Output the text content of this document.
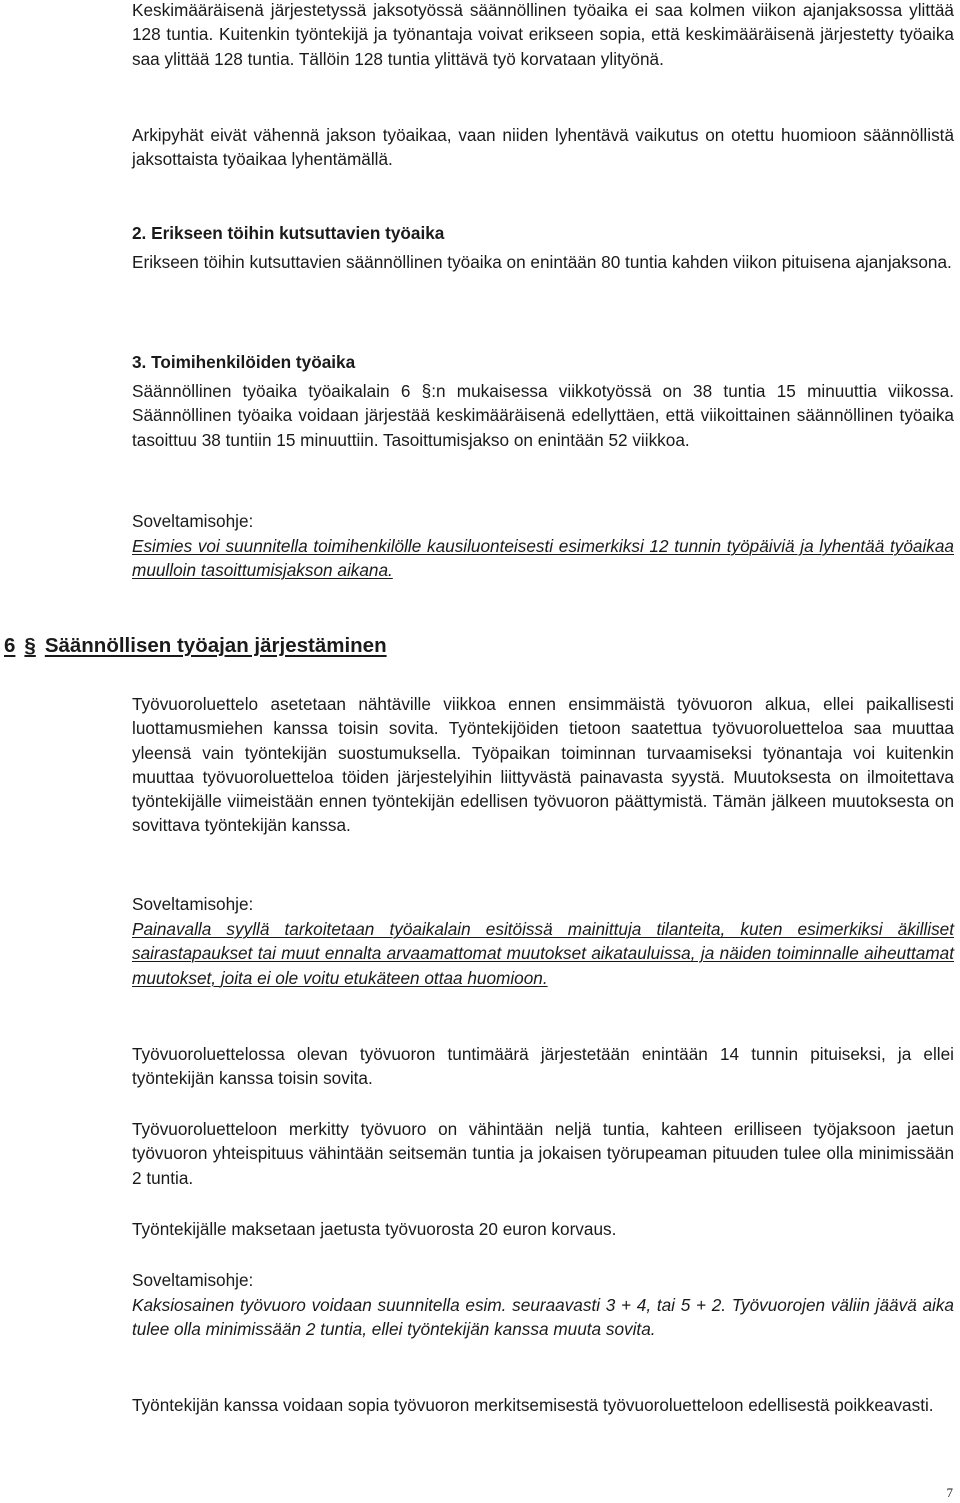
Keskimääräisenä järjestetyssä jaksotyössä säännöllinen työaika ei saa kolmen viikon ajanjaksossa ylittää 128 tuntia. Kuitenkin työntekijä ja työnantaja voivat erikseen sopia, että keskimääräisenä järjestetty työaika saa ylittää 128 tuntia. Tällöin 128 tuntia ylittävä työ korvataan ylityönä.

Arkipyhät eivät vähennä jakson työaikaa, vaan niiden lyhentävä vaikutus on otettu huomioon säännöllistä jaksottaista työaikaa lyhentämällä.

2. Erikseen töihin kutsuttavien työaika

Erikseen töihin kutsuttavien säännöllinen työaika on enintään 80 tuntia kahden viikon pituisena ajanjaksona.

3. Toimihenkilöiden työaika

Säännöllinen työaika työaikalain 6 §:n mukaisessa viikkotyössä on 38 tuntia 15 minuuttia viikossa. Säännöllinen työaika voidaan järjestää keskimääräisenä edellyttäen, että viikoittainen säännöllinen työaika tasoittuu 38 tuntiin 15 minuuttiin. Tasoittumisjakso on enintään 52 viikkoa.

Soveltamisohje:

Esimies voi suunnitella toimihenkilölle kausiluonteisesti esimerkiksi 12 tunnin työpäiviä ja lyhentää työaikaa muulloin tasoittumisjakson aikana.

6 § Säännöllisen työajan järjestäminen

Työvuoroluettelo asetetaan nähtäville viikkoa ennen ensimmäistä työvuoron alkua, ellei paikallisesti luottamusmiehen kanssa toisin sovita. Työntekijöiden tietoon saatettua työvuoroluetteloa saa muuttaa yleensä vain työntekijän suostumuksella. Työpaikan toiminnan turvaamiseksi työnantaja voi kuitenkin muuttaa työvuoroluetteloa töiden järjestelyihin liittyvästä painavasta syystä. Muutoksesta on ilmoitettava työntekijälle viimeistään ennen työntekijän edellisen työvuoron päättymistä. Tämän jälkeen muutoksesta on sovittava työntekijän kanssa.

Soveltamisohje:

Painavalla syyllä tarkoitetaan työaikalain esitöissä mainittuja tilanteita, kuten esimerkiksi äkilliset sairastapaukset tai muut ennalta arvaamattomat muutokset aikatauluissa, ja näiden toiminnalle aiheuttamat muutokset, joita ei ole voitu etukäteen ottaa huomioon.

Työvuoroluettelossa olevan työvuoron tuntimäärä järjestetään enintään 14 tunnin pituiseksi, ja ellei työntekijän kanssa toisin sovita.

Työvuoroluetteloon merkitty työvuoro on vähintään neljä tuntia, kahteen erilliseen työjaksoon jaetun työvuoron yhteispituus vähintään seitsemän tuntia ja jokaisen työrupeaman pituuden tulee olla minimissään 2 tuntia.

Työntekijälle maksetaan jaetusta työvuorosta 20 euron korvaus.

Soveltamisohje:

Kaksiosainen työvuoro voidaan suunnitella esim. seuraavasti 3 + 4, tai 5 + 2. Työvuorojen väliin jäävä aika tulee olla minimissään 2 tuntia, ellei työntekijän kanssa muuta sovita.

Työntekijän kanssa voidaan sopia työvuoron merkitsemisestä työvuoroluetteloon edellisestä poikkeavasti.

7
